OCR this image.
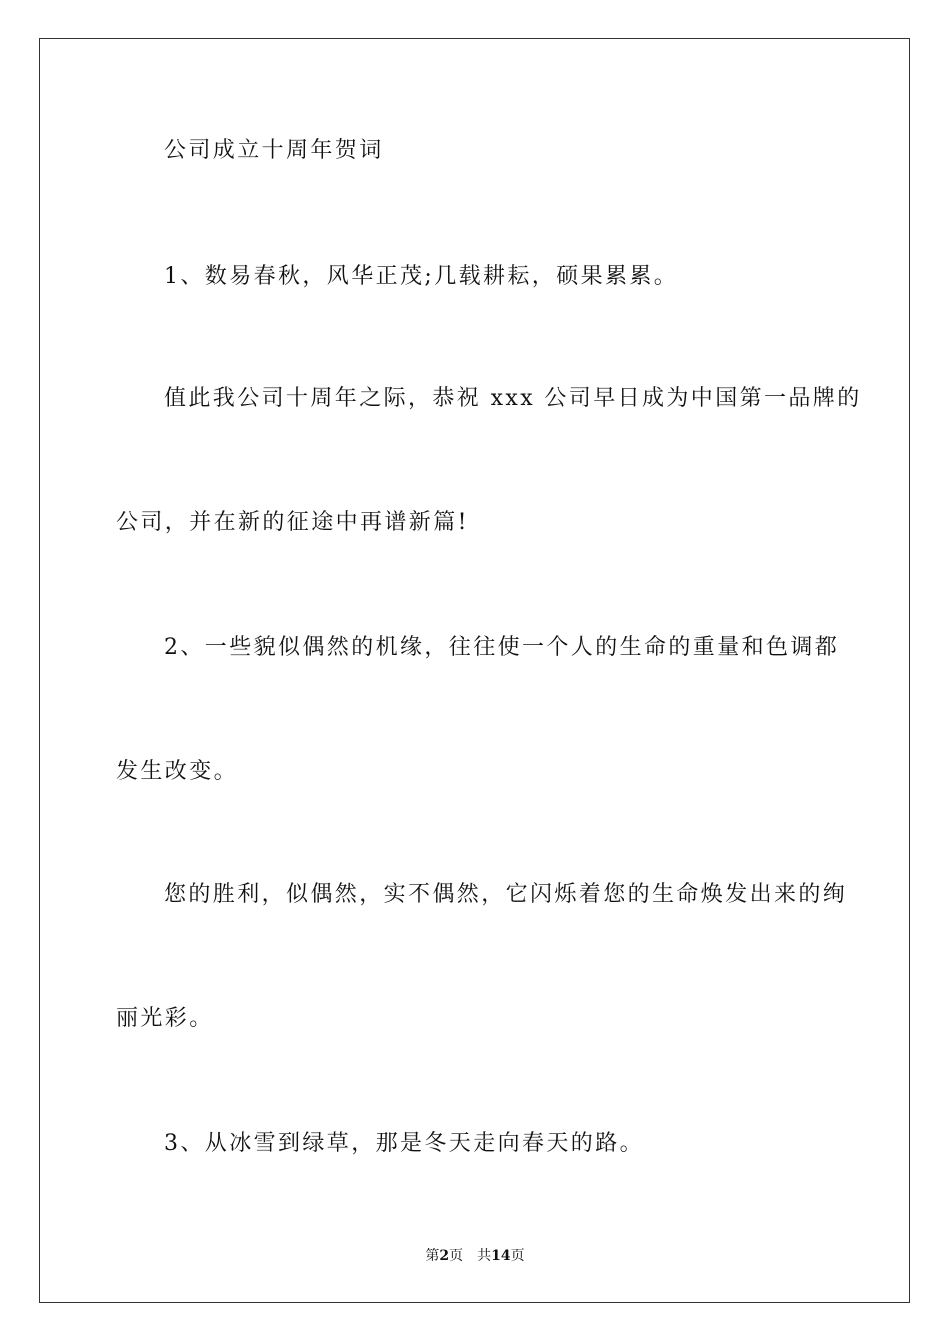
公司成立十周年贺词
1、数易春秋，风华正茂;几载耕耘，硕果累累。
值此我公司十周年之际，恭祝 xxx 公司早日成为中国第一品牌的
公司，并在新的征途中再谱新篇!
2、一些貌似偶然的机缘，往往使一个人的生命的重量和色调都
发生改变。
您的胜利，似偶然，实不偶然，它闪烁着您的生命焕发出来的绚
丽光彩。
3、从冰雪到绿草，那是冬天走向春天的路。
第2页 共14页
